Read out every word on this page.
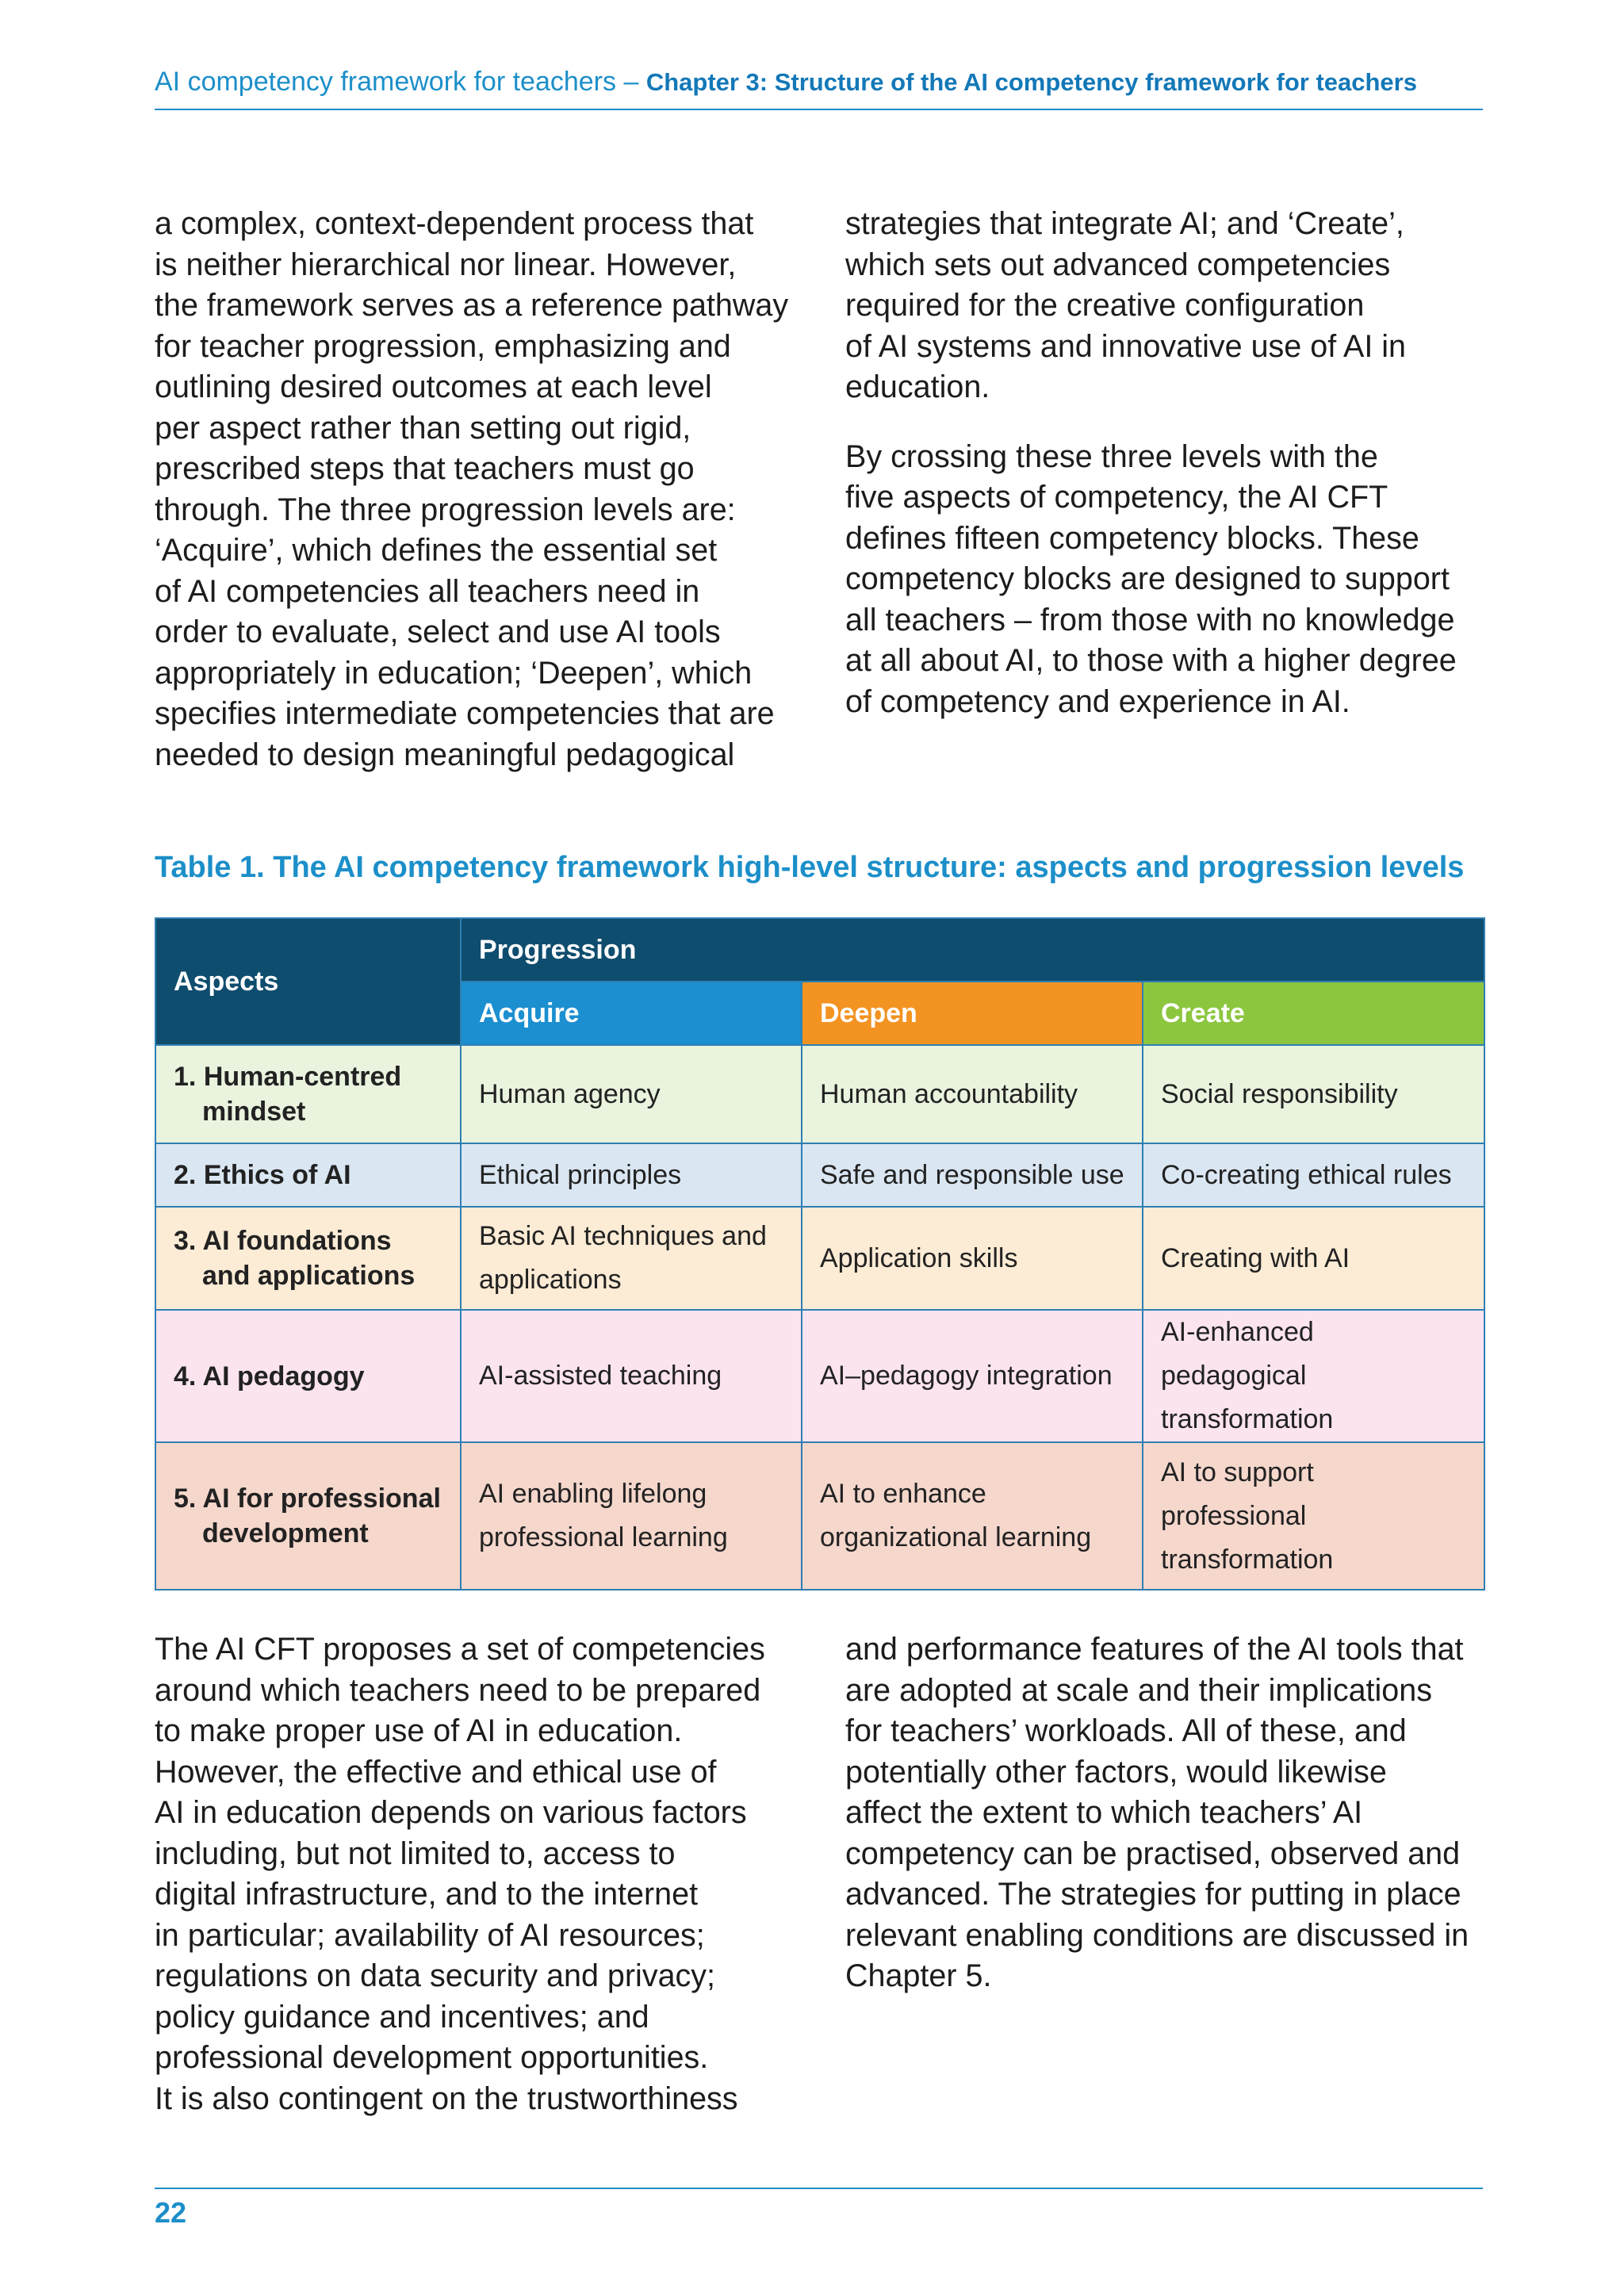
AI competency framework for teachers – Chapter 3: Structure of the AI competency framework for teachers

a complex, context-dependent process that
is neither hierarchical nor linear. However,
the framework serves as a reference pathway
for teacher progression, emphasizing and
outlining desired outcomes at each level
per aspect rather than setting out rigid,
prescribed steps that teachers must go
through. The three progression levels are:
‘Acquire’, which defines the essential set
of AI competencies all teachers need in
order to evaluate, select and use AI tools
appropriately in education; ‘Deepen’, which
specifies intermediate competencies that are
needed to design meaningful pedagogical

strategies that integrate AI; and ‘Create’,
which sets out advanced competencies
required for the creative configuration
of AI systems and innovative use of AI in
education.

By crossing these three levels with the
five aspects of competency, the AI CFT
defines fifteen competency blocks. These
competency blocks are designed to support
all teachers – from those with no knowledge
at all about AI, to those with a higher degree
of competency and experience in AI.

Table 1. The AI competency framework high-level structure: aspects and progression levels
Aspects	Progression		
	Acquire	Deepen	Create

1. Human-centred
mindset	Human agency	Human accountability	Social responsibility

2. Ethics of AI	Ethical principles	Safe and responsible use	Co-creating ethical rules

3. AI foundations
and applications	Basic AI techniques and
applications	Application skills	Creating with AI

4. AI pedagogy	AI-assisted teaching	AI–pedagogy integration	AI-enhanced pedagogical
transformation

5. AI for professional
development	AI enabling lifelong
professional learning	AI to enhance
organizational learning	AI to support
professional
transformation

The AI CFT proposes a set of competencies
around which teachers need to be prepared
to make proper use of AI in education.
However, the effective and ethical use of
AI in education depends on various factors
including, but not limited to, access to
digital infrastructure, and to the internet
in particular; availability of AI resources;
regulations on data security and privacy;
policy guidance and incentives; and
professional development opportunities.
It is also contingent on the trustworthiness

and performance features of the AI tools that
are adopted at scale and their implications
for teachers’ workloads. All of these, and
potentially other factors, would likewise
affect the extent to which teachers’ AI
competency can be practised, observed and
advanced. The strategies for putting in place
relevant enabling conditions are discussed in
Chapter 5.

22
